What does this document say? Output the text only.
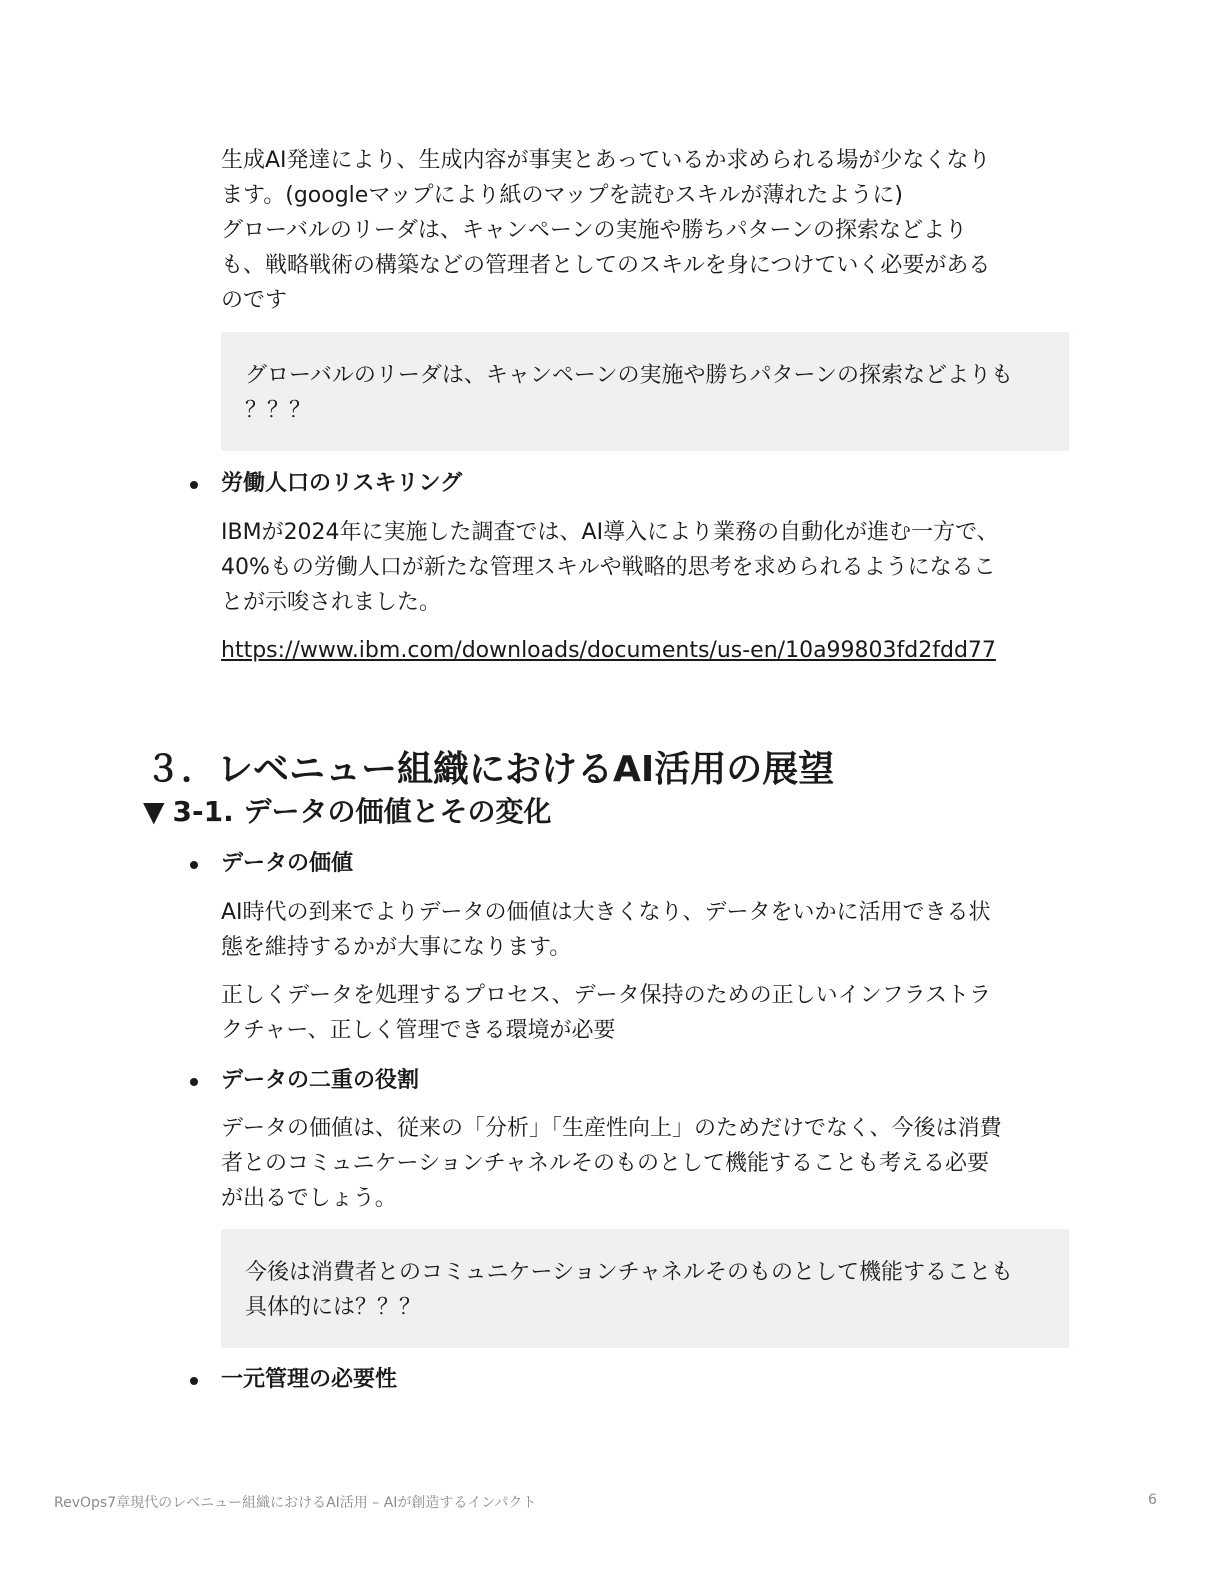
生成AI発達により、生成内容が事実とあっているか求められる場が少なくなり
ます。(googleマップにより紙のマップを読むスキルが薄れたように)
グローバルのリーダは、キャンペーンの実施や勝ちパターンの探索などより
も、戦略戦術の構築などの管理者としてのスキルを身につけていく必要がある
のです

グローバルのリーダは、キャンペーンの実施や勝ちパターンの探索などよりも
？？？
労働人口のリスキリング

IBMが2024年に実施した調査では、AI導入により業務の自動化が進む一方で、
40%もの労働人口が新たな管理スキルや戦略的思考を求められるようになるこ
とが示唆されました。

https://www.ibm.com/downloads/documents/us-en/10a99803fd2fdd77
３．レベニュー組織におけるAI活用の展望
▼ 3-1. データの価値とその変化
データの価値

AI時代の到来でよりデータの価値は大きくなり、データをいかに活用できる状
態を維持するかが大事になります。

正しくデータを処理するプロセス、データ保持のための正しいインフラストラ
クチャー、正しく管理できる環境が必要

データの二重の役割

データの価値は、従来の「分析」「生産性向上」のためだけでなく、今後は消費
者とのコミュニケーションチャネルそのものとして機能することも考える必要
が出るでしょう。

今後は消費者とのコミュニケーションチャネルそのものとして機能することも
具体的には？？？
一元管理の必要性
RevOps7章現代のレベニュー組織におけるAI活用 – AIが創造するインパクト	6
